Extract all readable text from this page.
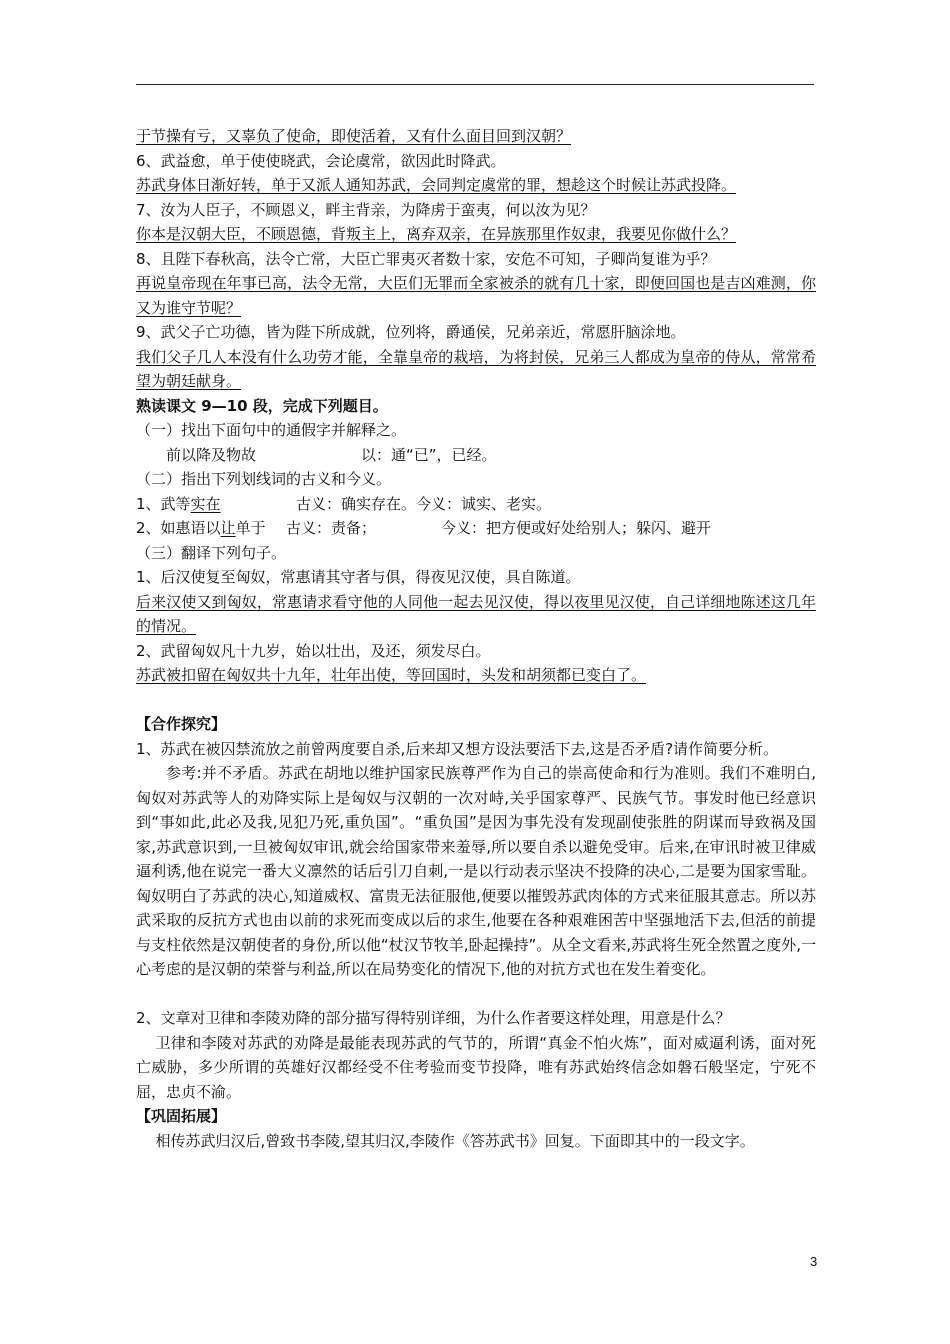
于节操有亏，又辜负了使命，即使活着，又有什么面目回到汉朝？
6、武益愈，单于使使晓武，会论虞常，欲因此时降武。
苏武身体日渐好转，单于又派人通知苏武，会同判定虞常的罪，想趁这个时候让苏武投降。
7、汝为人臣子，不顾恩义，畔主背亲，为降虏于蛮夷，何以汝为见？
你本是汉朝大臣，不顾恩德，背叛主上，离弃双亲，在异族那里作奴隶，我要见你做什么？
8、且陛下春秋高，法令亡常，大臣亡罪夷灭者数十家，安危不可知，子卿尚复谁为乎？
再说皇帝现在年事已高，法令无常，大臣们无罪而全家被杀的就有几十家，即便回国也是吉凶难测，你又为谁守节呢？
9、武父子亡功德，皆为陛下所成就，位列将，爵通侯，兄弟亲近，常愿肝脑涂地。
我们父子几人本没有什么功劳才能，全靠皇帝的栽培，为将封侯，兄弟三人都成为皇帝的侍从，常常希望为朝廷献身。
熟读课文 9—10 段，完成下列题目。
（一）找出下面句中的通假字并解释之。
前以降及物故	以：通“已”，已经。
（二）指出下列划线词的古义和今义。
1、武等实在	古义：确实存在。今义：诚实、老实。
2、如惠语以让单于 古义：责备；	今义：把方便或好处给别人；躲闪、避开
（三）翻译下列句子。
1、后汉使复至匈奴，常惠请其守者与俱，得夜见汉使，具自陈道。
后来汉使又到匈奴，常惠请求看守他的人同他一起去见汉使，得以夜里见汉使，自己详细地陈述这几年的情况。
2、武留匈奴凡十九岁，始以壮出，及还，须发尽白。
苏武被扣留在匈奴共十九年，壮年出使，等回国时，头发和胡须都已变白了。
【合作探究】
1、苏武在被囚禁流放之前曾两度要自杀,后来却又想方设法要活下去,这是否矛盾?请作简要分析。
参考:并不矛盾。苏武在胡地以维护国家民族尊严作为自己的崇高使命和行为准则。我们不难明白,匈奴对苏武等人的劝降实际上是匈奴与汉朝的一次对峙,关乎国家尊严、民族气节。事发时他已经意识到“事如此,此必及我,见犯乃死,重负国”。“重负国”是因为事先没有发现副使张胜的阴谋而导致祸及国家,苏武意识到,一旦被匈奴审讯,就会给国家带来羞辱,所以要自杀以避免受审。后来,在审讯时被卫律威逼利诱,他在说完一番大义凛然的话后引刀自刺,一是以行动表示坚决不投降的决心,二是要为国家雪耻。匈奴明白了苏武的决心,知道威权、富贵无法征服他,便要以摧毁苏武肉体的方式来征服其意志。所以苏武采取的反抗方式也由以前的求死而变成以后的求生,他要在各种艰难困苦中坚强地活下去,但活的前提与支柱依然是汉朝使者的身份,所以他“杖汉节牧羊,卧起操持”。从全文看来,苏武将生死全然置之度外,一心考虑的是汉朝的荣誉与利益,所以在局势变化的情况下,他的对抗方式也在发生着变化。
2、文章对卫律和李陵劝降的部分描写得特别详细，为什么作者要这样处理，用意是什么？
卫律和李陵对苏武的劝降是最能表现苏武的气节的，所谓“真金不怕火炼”，面对威逼利诱，面对死亡威胁，多少所谓的英雄好汉都经受不住考验而变节投降，唯有苏武始终信念如磐石般坚定，宁死不屈，忠贞不渝。
【巩固拓展】
相传苏武归汉后,曾致书李陵,望其归汉,李陵作《答苏武书》回复。下面即其中的一段文字。
3
